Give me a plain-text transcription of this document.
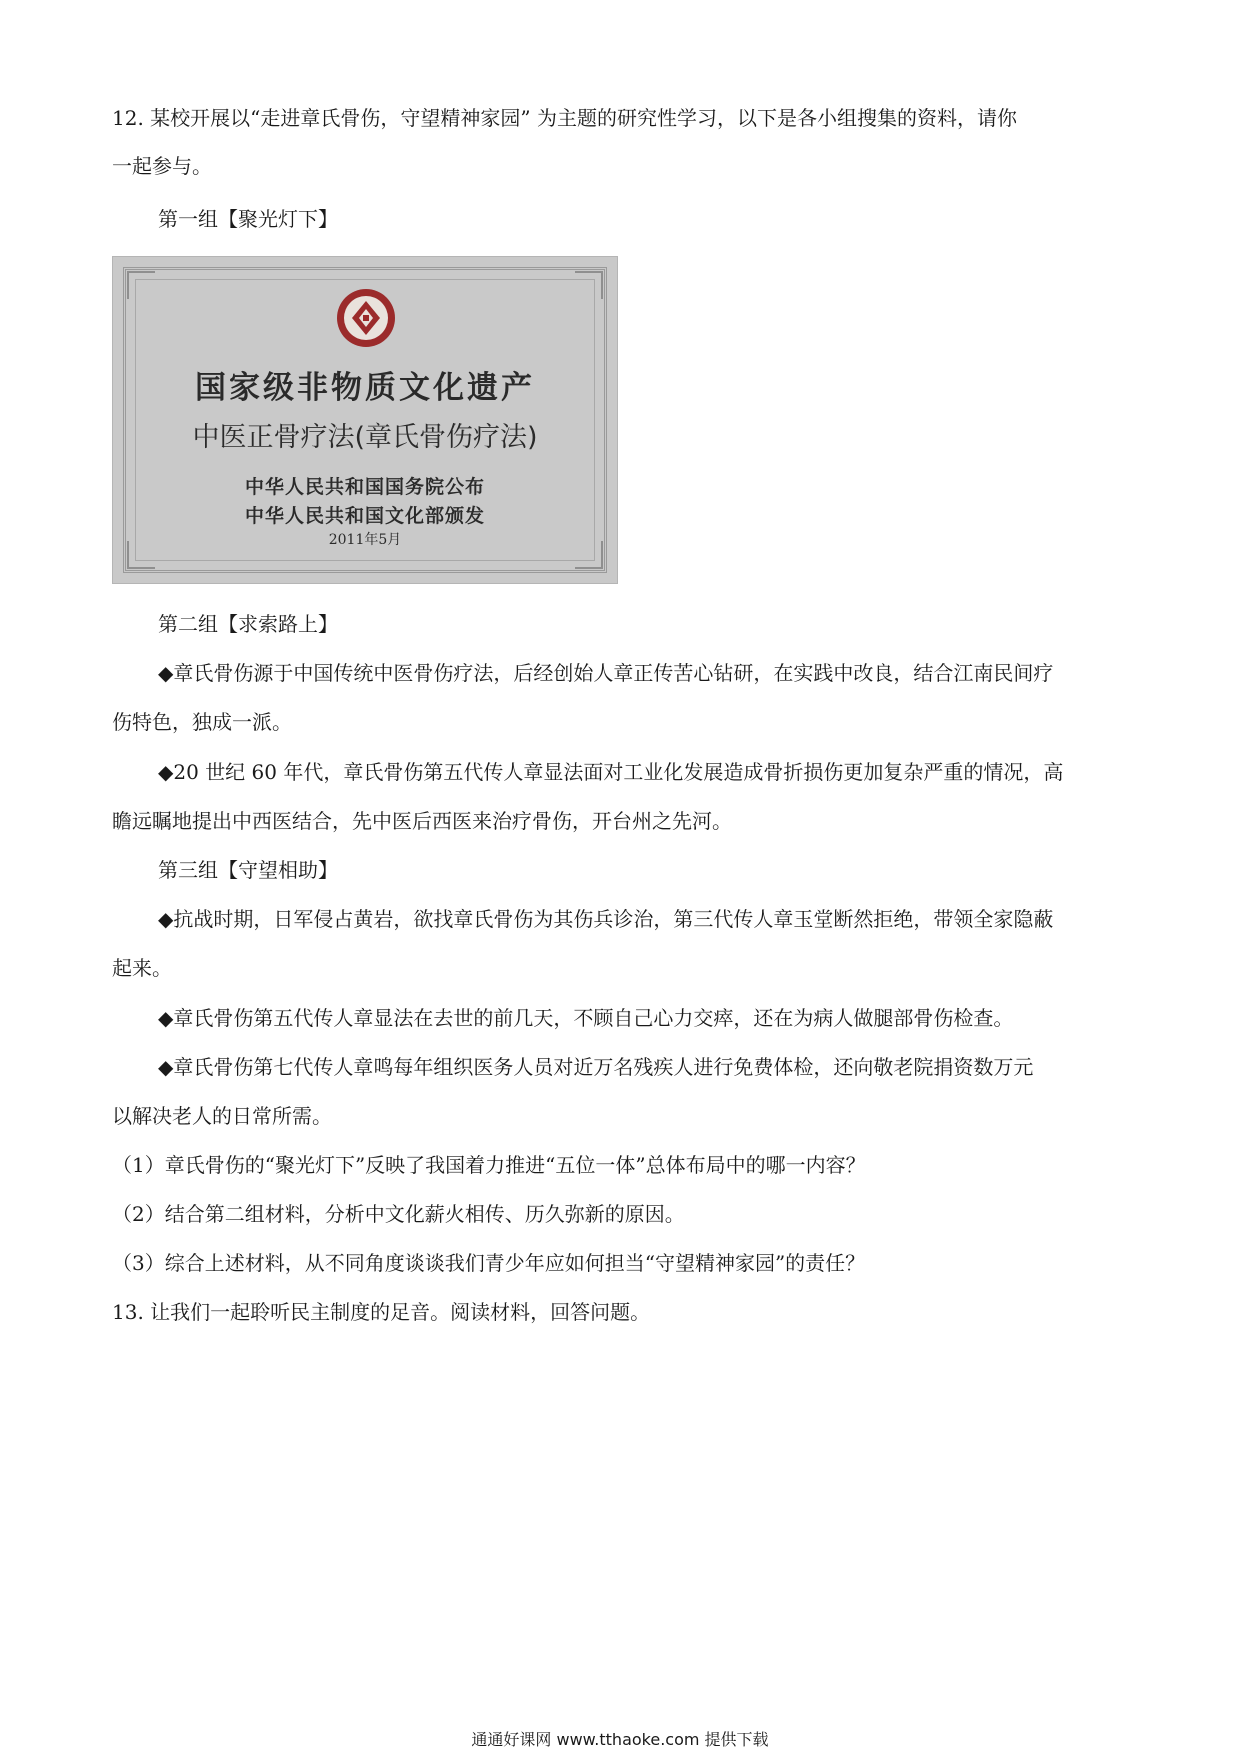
12. 某校开展以“走进章氏骨伤，守望精神家园” 为主题的研究性学习，以下是各小组搜集的资料，请你
一起参与。
第一组【聚光灯下】
国家级非物质文化遗产
中医正骨疗法(章氏骨伤疗法)
中华人民共和国国务院公布
中华人民共和国文化部颁发
2011年5月
第二组【求索路上】
◆章氏骨伤源于中国传统中医骨伤疗法，后经创始人章正传苦心钻研，在实践中改良，结合江南民间疗
伤特色，独成一派。
◆20 世纪 60 年代，章氏骨伤第五代传人章显法面对工业化发展造成骨折损伤更加复杂严重的情况，高
瞻远瞩地提出中西医结合，先中医后西医来治疗骨伤，开台州之先河。
第三组【守望相助】
◆抗战时期，日军侵占黄岩，欲找章氏骨伤为其伤兵诊治，第三代传人章玉堂断然拒绝，带领全家隐蔽
起来。
◆章氏骨伤第五代传人章显法在去世的前几天，不顾自己心力交瘁，还在为病人做腿部骨伤检查。
◆章氏骨伤第七代传人章鸣每年组织医务人员对近万名残疾人进行免费体检，还向敬老院捐资数万元
以解决老人的日常所需。
（1）章氏骨伤的“聚光灯下”反映了我国着力推进“五位一体”总体布局中的哪一内容？
（2）结合第二组材料，分析中文化薪火相传、历久弥新的原因。
（3）综合上述材料，从不同角度谈谈我们青少年应如何担当“守望精神家园”的责任？
13. 让我们一起聆听民主制度的足音。阅读材料，回答问题。
通通好课网 www.tthaoke.com 提供下载
